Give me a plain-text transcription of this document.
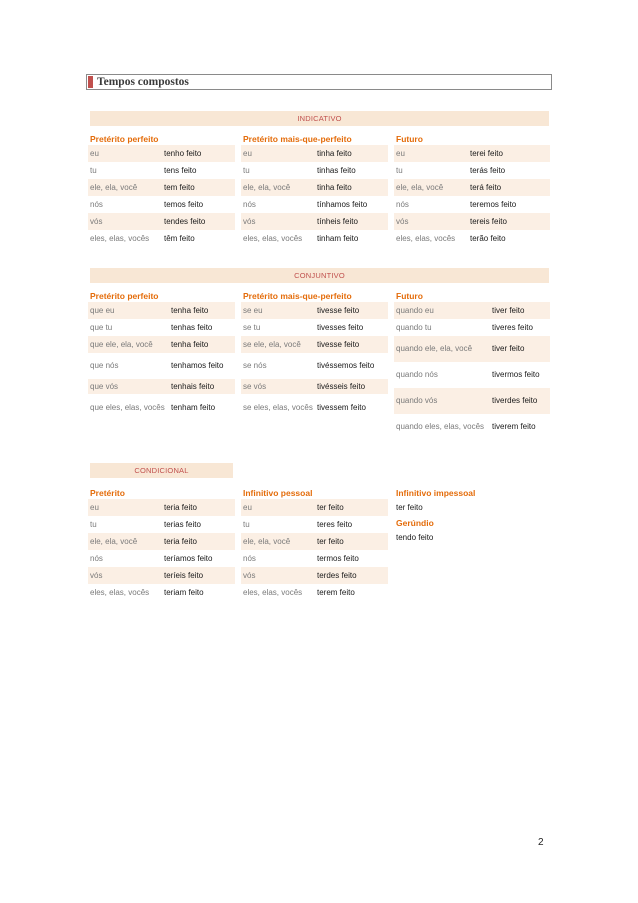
Tempos compostos
INDICATIVO
Pretérito perfeito	Pretérito mais-que-perfeito	Futuro
eu	tenho feito
tu	tens feito
ele, ela, você	tem feito
nós	temos feito
vós	tendes feito
eles, elas, vocês	têm feito
eu	tinha feito
tu	tinhas feito
ele, ela, você	tinha feito
nós	tínhamos feito
vós	tínheis feito
eles, elas, vocês	tinham feito
eu	terei feito
tu	terás feito
ele, ela, você	terá feito
nós	teremos feito
vós	tereis feito
eles, elas, vocês	terão feito
CONJUNTIVO
Pretérito perfeito	Pretérito mais-que-perfeito	Futuro
que eu	tenha feito
que tu	tenhas feito
que ele, ela, você	tenha feito
que nós	tenhamos feito
que vós	tenhais feito
que eles, elas, vocês	tenham feito
se eu	tivesse feito
se tu	tivesses feito
se ele, ela, você	tivesse feito
se nós	tivéssemos feito
se vós	tivésseis feito
se eles, elas, vocês	tivessem feito
quando eu	tiver feito
quando tu	tiveres feito
quando ele, ela, você	tiver feito
quando nós	tivermos feito
quando vós	tiverdes feito
quando eles, elas, vocês	tiverem feito
CONDICIONAL
Pretérito	Infinitivo pessoal	Infinitivo impessoal
eu	teria feito
tu	terias feito
ele, ela, você	teria feito
nós	teríamos feito
vós	teríeis feito
eles, elas, vocês	teriam feito
eu	ter feito
tu	teres feito
ele, ela, você	ter feito
nós	termos feito
vós	terdes feito
eles, elas, vocês	terem feito
ter feito
Gerúndio
tendo feito
2
